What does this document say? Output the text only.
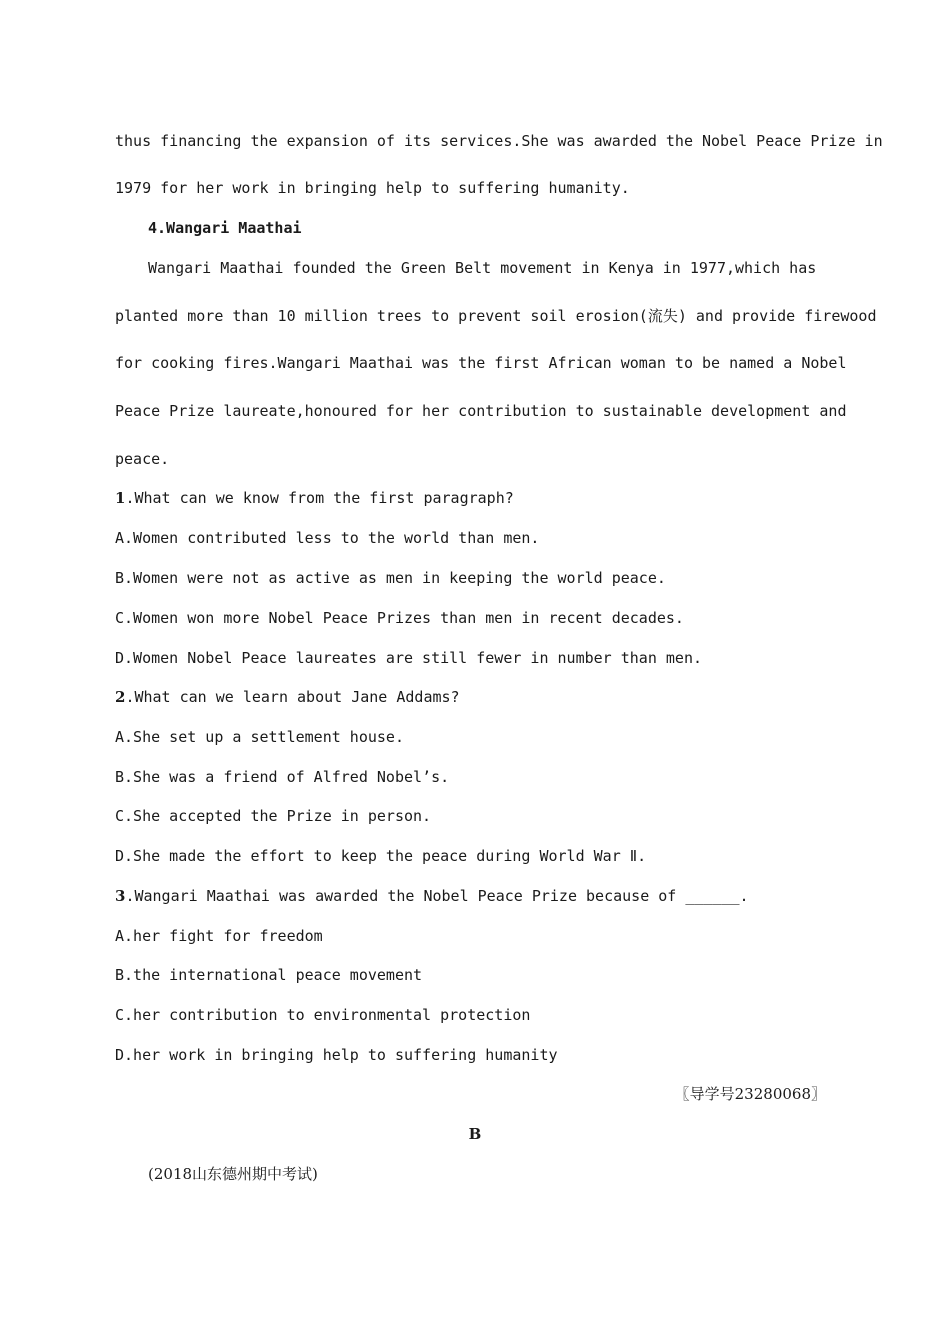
thus financing the expansion of its services.She was awarded the Nobel Peace Prize in
1979 for her work in bringing help to suffering humanity.
4.Wangari Maathai
Wangari Maathai founded the Green Belt movement in Kenya in 1977,which has
planted more than 10 million trees to prevent soil erosion(流失) and provide firewood
for cooking fires.Wangari Maathai was the first African woman to be named a Nobel
Peace Prize laureate,honoured for her contribution to sustainable development and
peace.
1.What can we know from the first paragraph?
A.Women contributed less to the world than men.
B.Women were not as active as men in keeping the world peace.
C.Women won more Nobel Peace Prizes than men in recent decades.
D.Women Nobel Peace laureates are still fewer in number than men.
2.What can we learn about Jane Addams?
A.She set up a settlement house.
B.She was a friend of Alfred Nobel’s.
C.She accepted the Prize in person.
D.She made the effort to keep the peace during World War Ⅱ.
3.Wangari Maathai was awarded the Nobel Peace Prize because of ______.
A.her fight for freedom
B.the international peace movement
C.her contribution to environmental protection
D.her work in bringing help to suffering humanity
〖导学号23280068〗
B
(2018山东德州期中考试)
